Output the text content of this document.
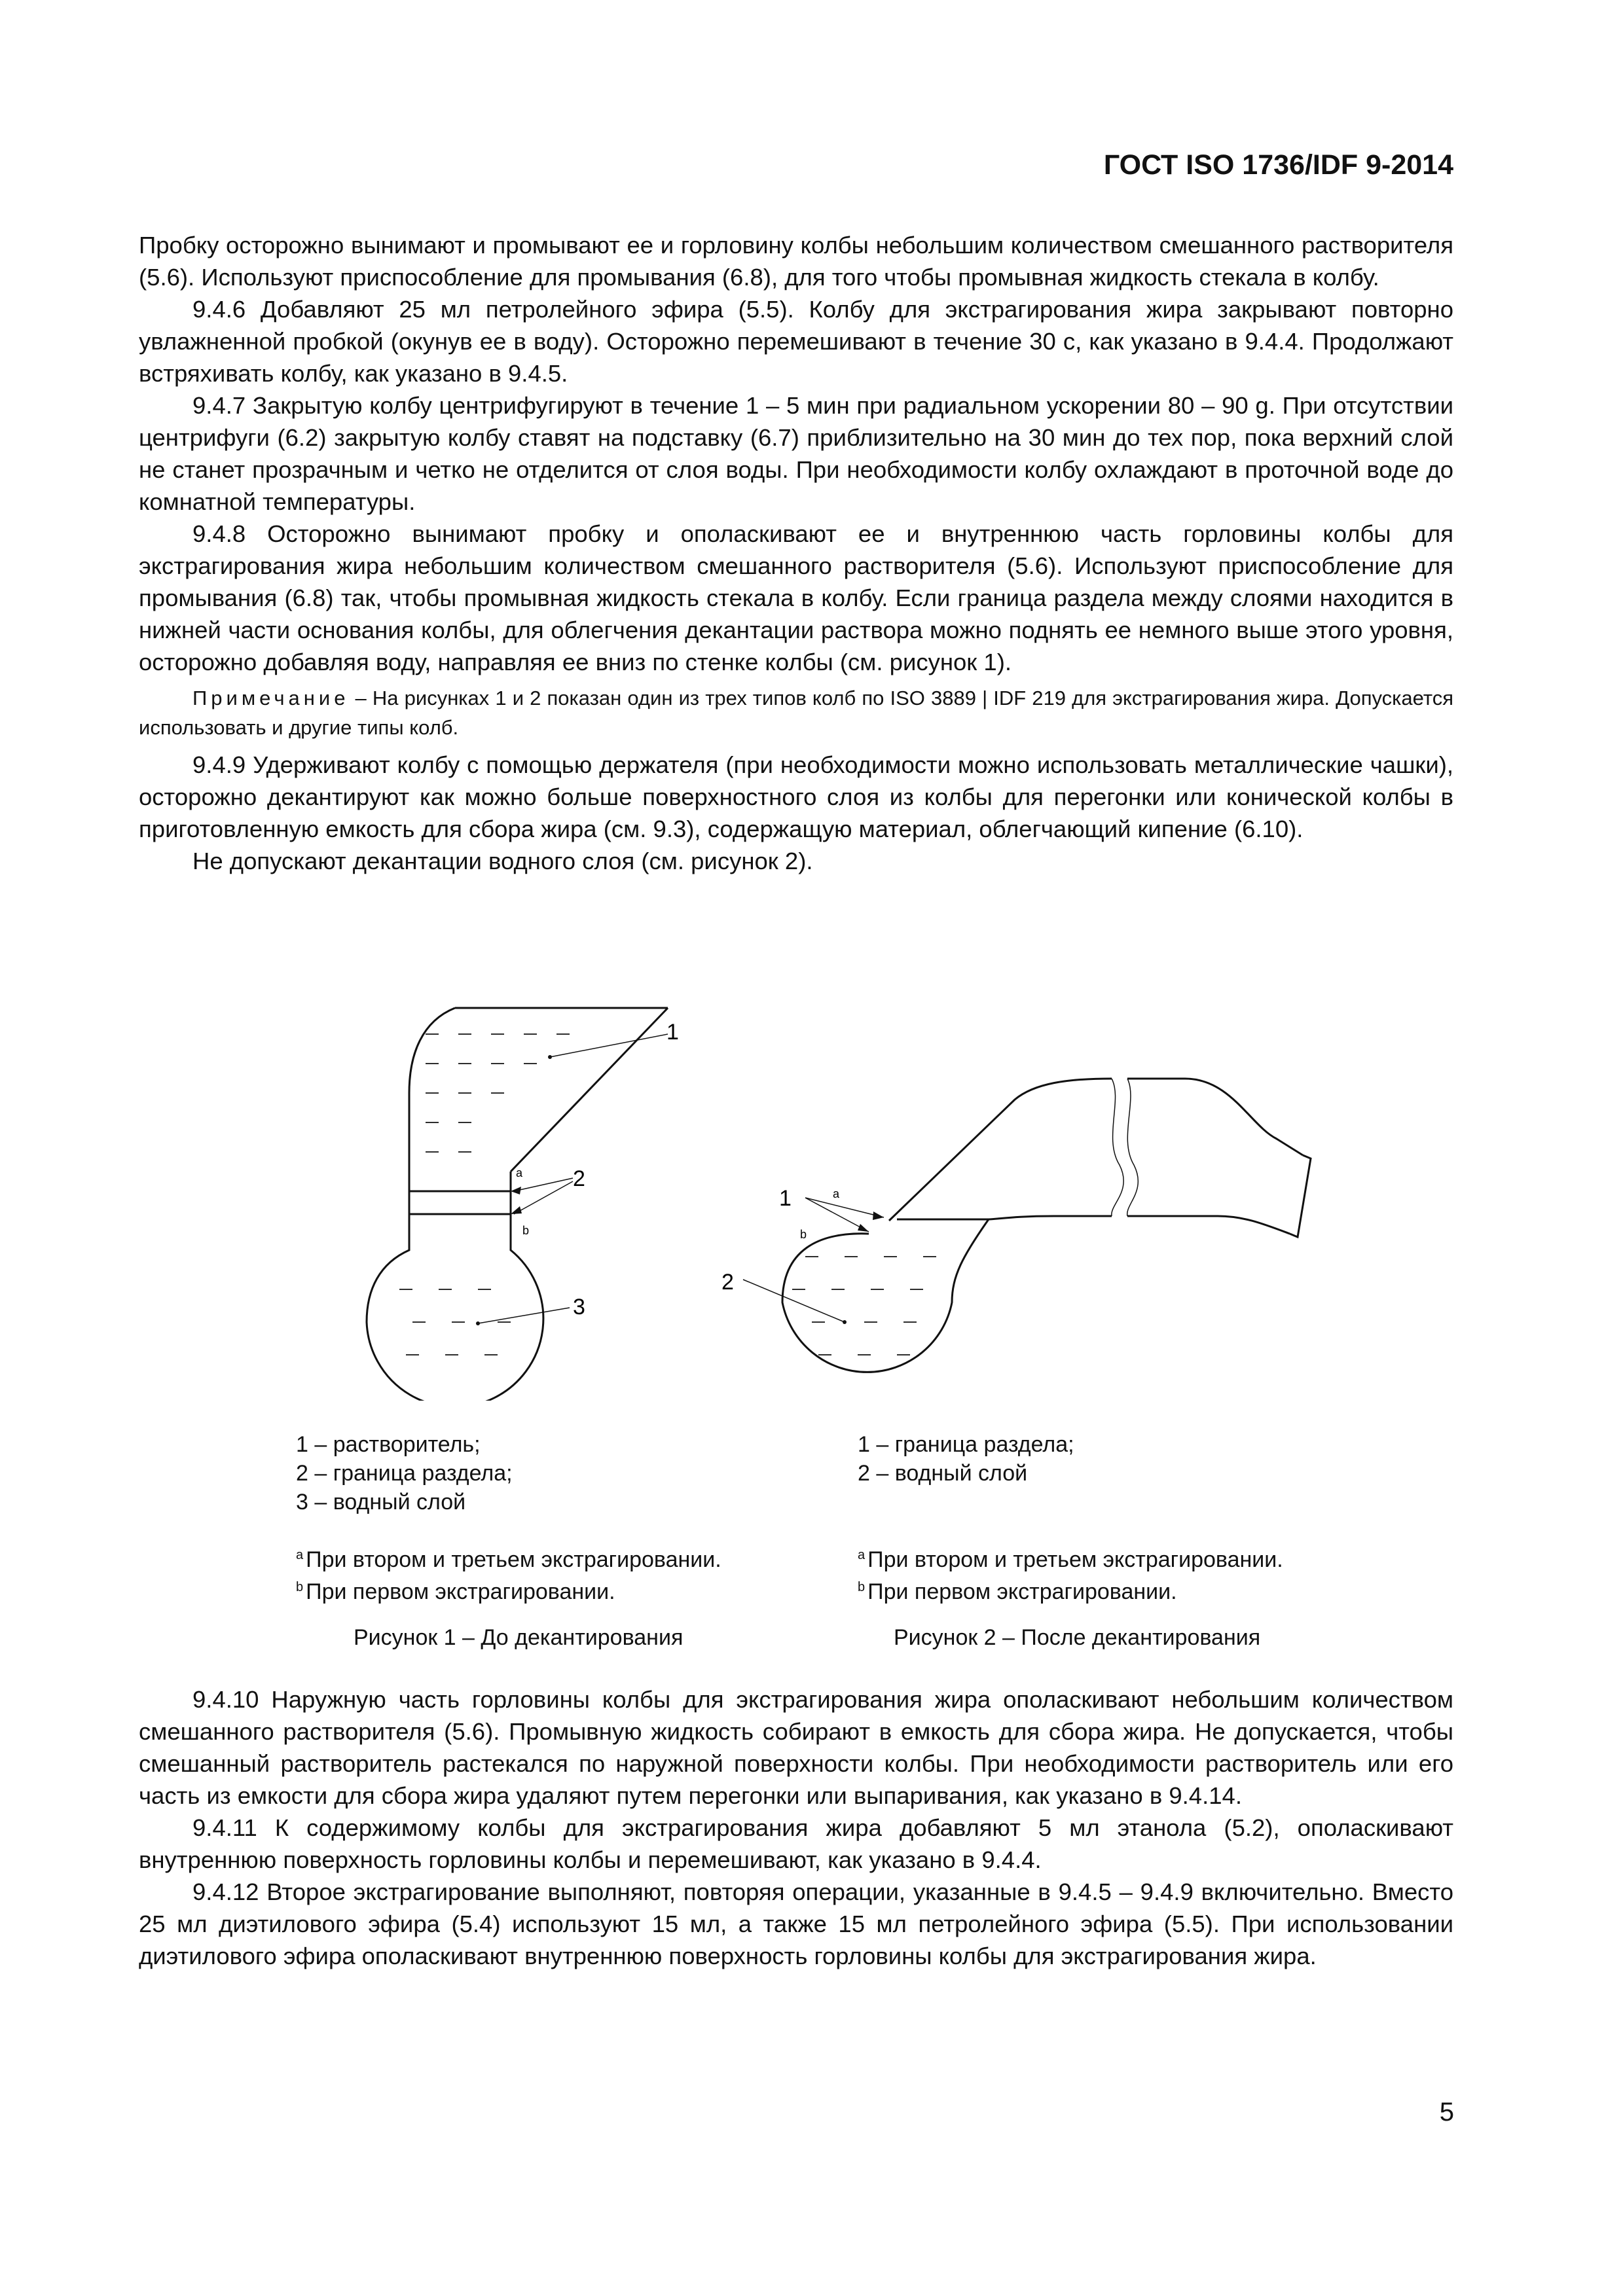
ГОСТ ISO 1736/IDF 9-2014

Пробку осторожно вынимают и промывают ее и горловину колбы небольшим количеством смешанного растворителя (5.6). Используют приспособление для промывания (6.8), для того чтобы промывная жидкость стекала в колбу.

9.4.6 Добавляют 25 мл петролейного эфира (5.5). Колбу для экстрагирования жира закрывают повторно увлажненной пробкой (окунув ее в воду). Осторожно перемешивают в течение 30 с, как указано в 9.4.4. Продолжают встряхивать колбу, как указано в 9.4.5.

9.4.7 Закрытую колбу центрифугируют в течение 1 – 5 мин при радиальном ускорении 80 – 90 g. При отсутствии центрифуги (6.2) закрытую колбу ставят на подставку (6.7) приблизительно на 30 мин до тех пор, пока верхний слой не станет прозрачным и четко не отделится от слоя воды. При необходимости колбу охлаждают в проточной воде до комнатной температуры.

9.4.8 Осторожно вынимают пробку и ополаскивают ее и внутреннюю часть горловины колбы для экстрагирования жира небольшим количеством смешанного растворителя (5.6). Используют приспособление для промывания (6.8) так, чтобы промывная жидкость стекала в колбу. Если граница раздела между слоями находится в нижней части основания колбы, для облегчения декантации раствора можно поднять ее немного выше этого уровня, осторожно добавляя воду, направляя ее вниз по стенке колбы (см. рисунок 1).

Примечание – На рисунках 1 и 2 показан один из трех типов колб по ISO 3889 | IDF 219 для экстрагирования жира. Допускается использовать и другие типы колб.

9.4.9 Удерживают колбу с помощью держателя (при необходимости можно использовать металлические чашки), осторожно декантируют как можно больше поверхностного слоя из колбы для перегонки или конической колбы в приготовленную емкость для сбора жира (см. 9.3), содержащую материал, облегчающий кипение (6.10).

Не допускают декантации водного слоя (см. рисунок 2).

1
2
3
a
b
1
2
a
b
1 – растворитель;
2 – граница раздела;
3 – водный слой
1 – граница раздела;
2 – водный слой
$^a$ При втором и третьем экстрагировании.
$^b$ При первом экстрагировании.
$^a$ При втором и третьем экстрагировании.
$^b$ При первом экстрагировании.
Рисунок 1 – До декантирования	Рисунок 2 – После декантирования

9.4.10 Наружную часть горловины колбы для экстрагирования жира ополаскивают небольшим количеством смешанного растворителя (5.6). Промывную жидкость собирают в емкость для сбора жира. Не допускается, чтобы смешанный растворитель растекался по наружной поверхности колбы. При необходимости растворитель или его часть из емкости для сбора жира удаляют путем перегонки или выпаривания, как указано в 9.4.14.

9.4.11 К содержимому колбы для экстрагирования жира добавляют 5 мл этанола (5.2), ополаскивают внутреннюю поверхность горловины колбы и перемешивают, как указано в 9.4.4.

9.4.12 Второе экстрагирование выполняют, повторяя операции, указанные в 9.4.5 – 9.4.9 включительно. Вместо 25 мл диэтилового эфира (5.4) используют 15 мл, а также 15 мл петролейного эфира (5.5). При использовании диэтилового эфира ополаскивают внутреннюю поверхность горловины колбы для экстрагирования жира.

5
